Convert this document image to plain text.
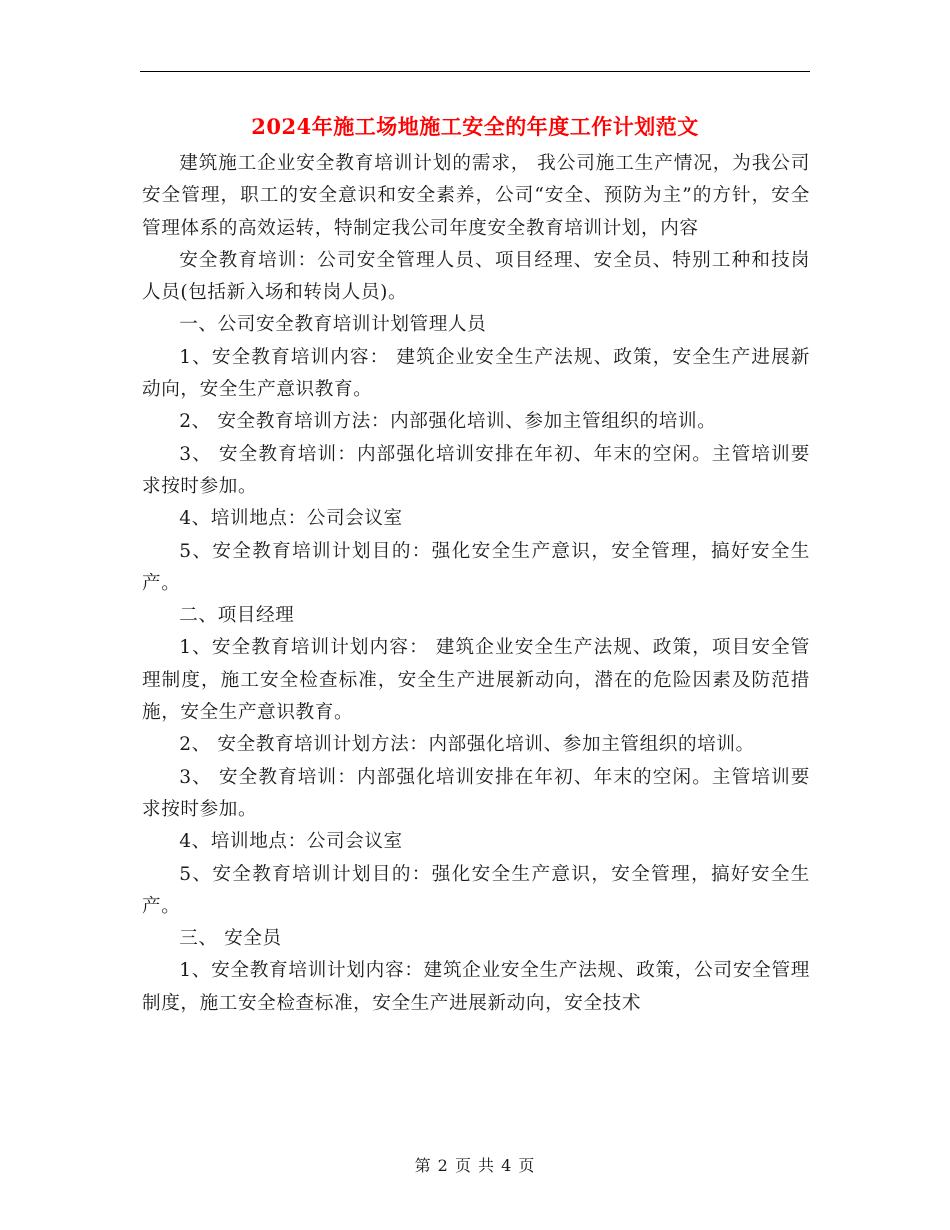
2024年施工场地施工安全的年度工作计划范文

建筑施工企业安全教育培训计划的需求， 我公司施工生产情况，为我公司安全管理，职工的安全意识和安全素养，公司“安全、预防为主”的方针，安全管理体系的高效运转，特制定我公司年度安全教育培训计划，内容

安全教育培训：公司安全管理人员、项目经理、安全员、特别工种和技岗人员(包括新入场和转岗人员)。

一、公司安全教育培训计划管理人员

1、安全教育培训内容： 建筑企业安全生产法规、政策，安全生产进展新动向，安全生产意识教育。

2、 安全教育培训方法：内部强化培训、参加主管组织的培训。

3、 安全教育培训：内部强化培训安排在年初、年末的空闲。主管培训要求按时参加。

4、培训地点：公司会议室

5、安全教育培训计划目的：强化安全生产意识，安全管理，搞好安全生产。

二、项目经理

1、安全教育培训计划内容： 建筑企业安全生产法规、政策，项目安全管理制度，施工安全检查标准，安全生产进展新动向，潜在的危险因素及防范措施，安全生产意识教育。

2、 安全教育培训计划方法：内部强化培训、参加主管组织的培训。

3、 安全教育培训：内部强化培训安排在年初、年末的空闲。主管培训要求按时参加。

4、培训地点：公司会议室

5、安全教育培训计划目的：强化安全生产意识，安全管理，搞好安全生产。

三、 安全员

1、安全教育培训计划内容：建筑企业安全生产法规、政策，公司安全管理制度，施工安全检查标准，安全生产进展新动向，安全技术

第 2 页 共 4 页
